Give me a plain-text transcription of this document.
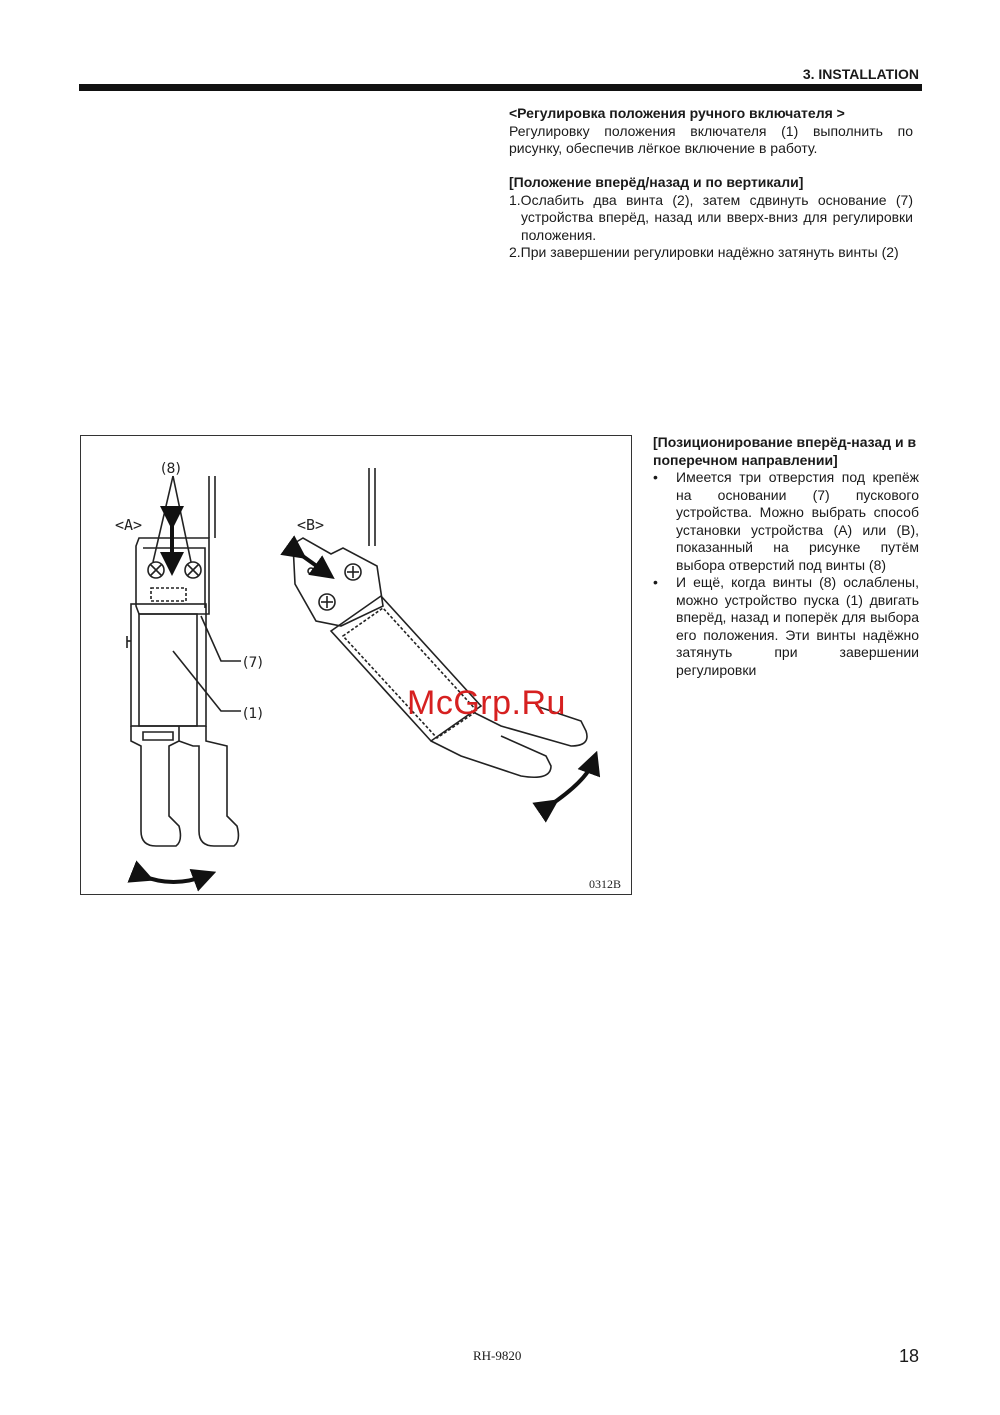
3. INSTALLATION
<Регулировка положения ручного включателя >

Регулировку положения включателя (1) выполнить по рисунку, обеспечив лёгкое включение в работу.

[Положение вперёд/назад и по вертикали]
1.Ослабить два винта (2), затем сдвинуть основание (7) устройства вперёд, назад или вверх-вниз для регулировки положения.
2.При завершении регулировки надёжно затянуть винты (2)
[Позиционирование вперёд-назад и в поперечном направлении]
• Имеется три отверстия под крепёж на основании (7) пускового устройства. Можно выбрать способ установки устройства (A) или (B), показанный на рисунке путём выбора отверстий под винты (8)
• И ещё, когда винты (8) ослаблены, можно устройство пуска (1) двигать вперёд, назад и поперёк для выбора его положения. Эти винты надёжно затянуть при завершении регулировки
<A>	<B>
(8)
(7)
(1)
0312B
McGrp.Ru
RH-9820	18
